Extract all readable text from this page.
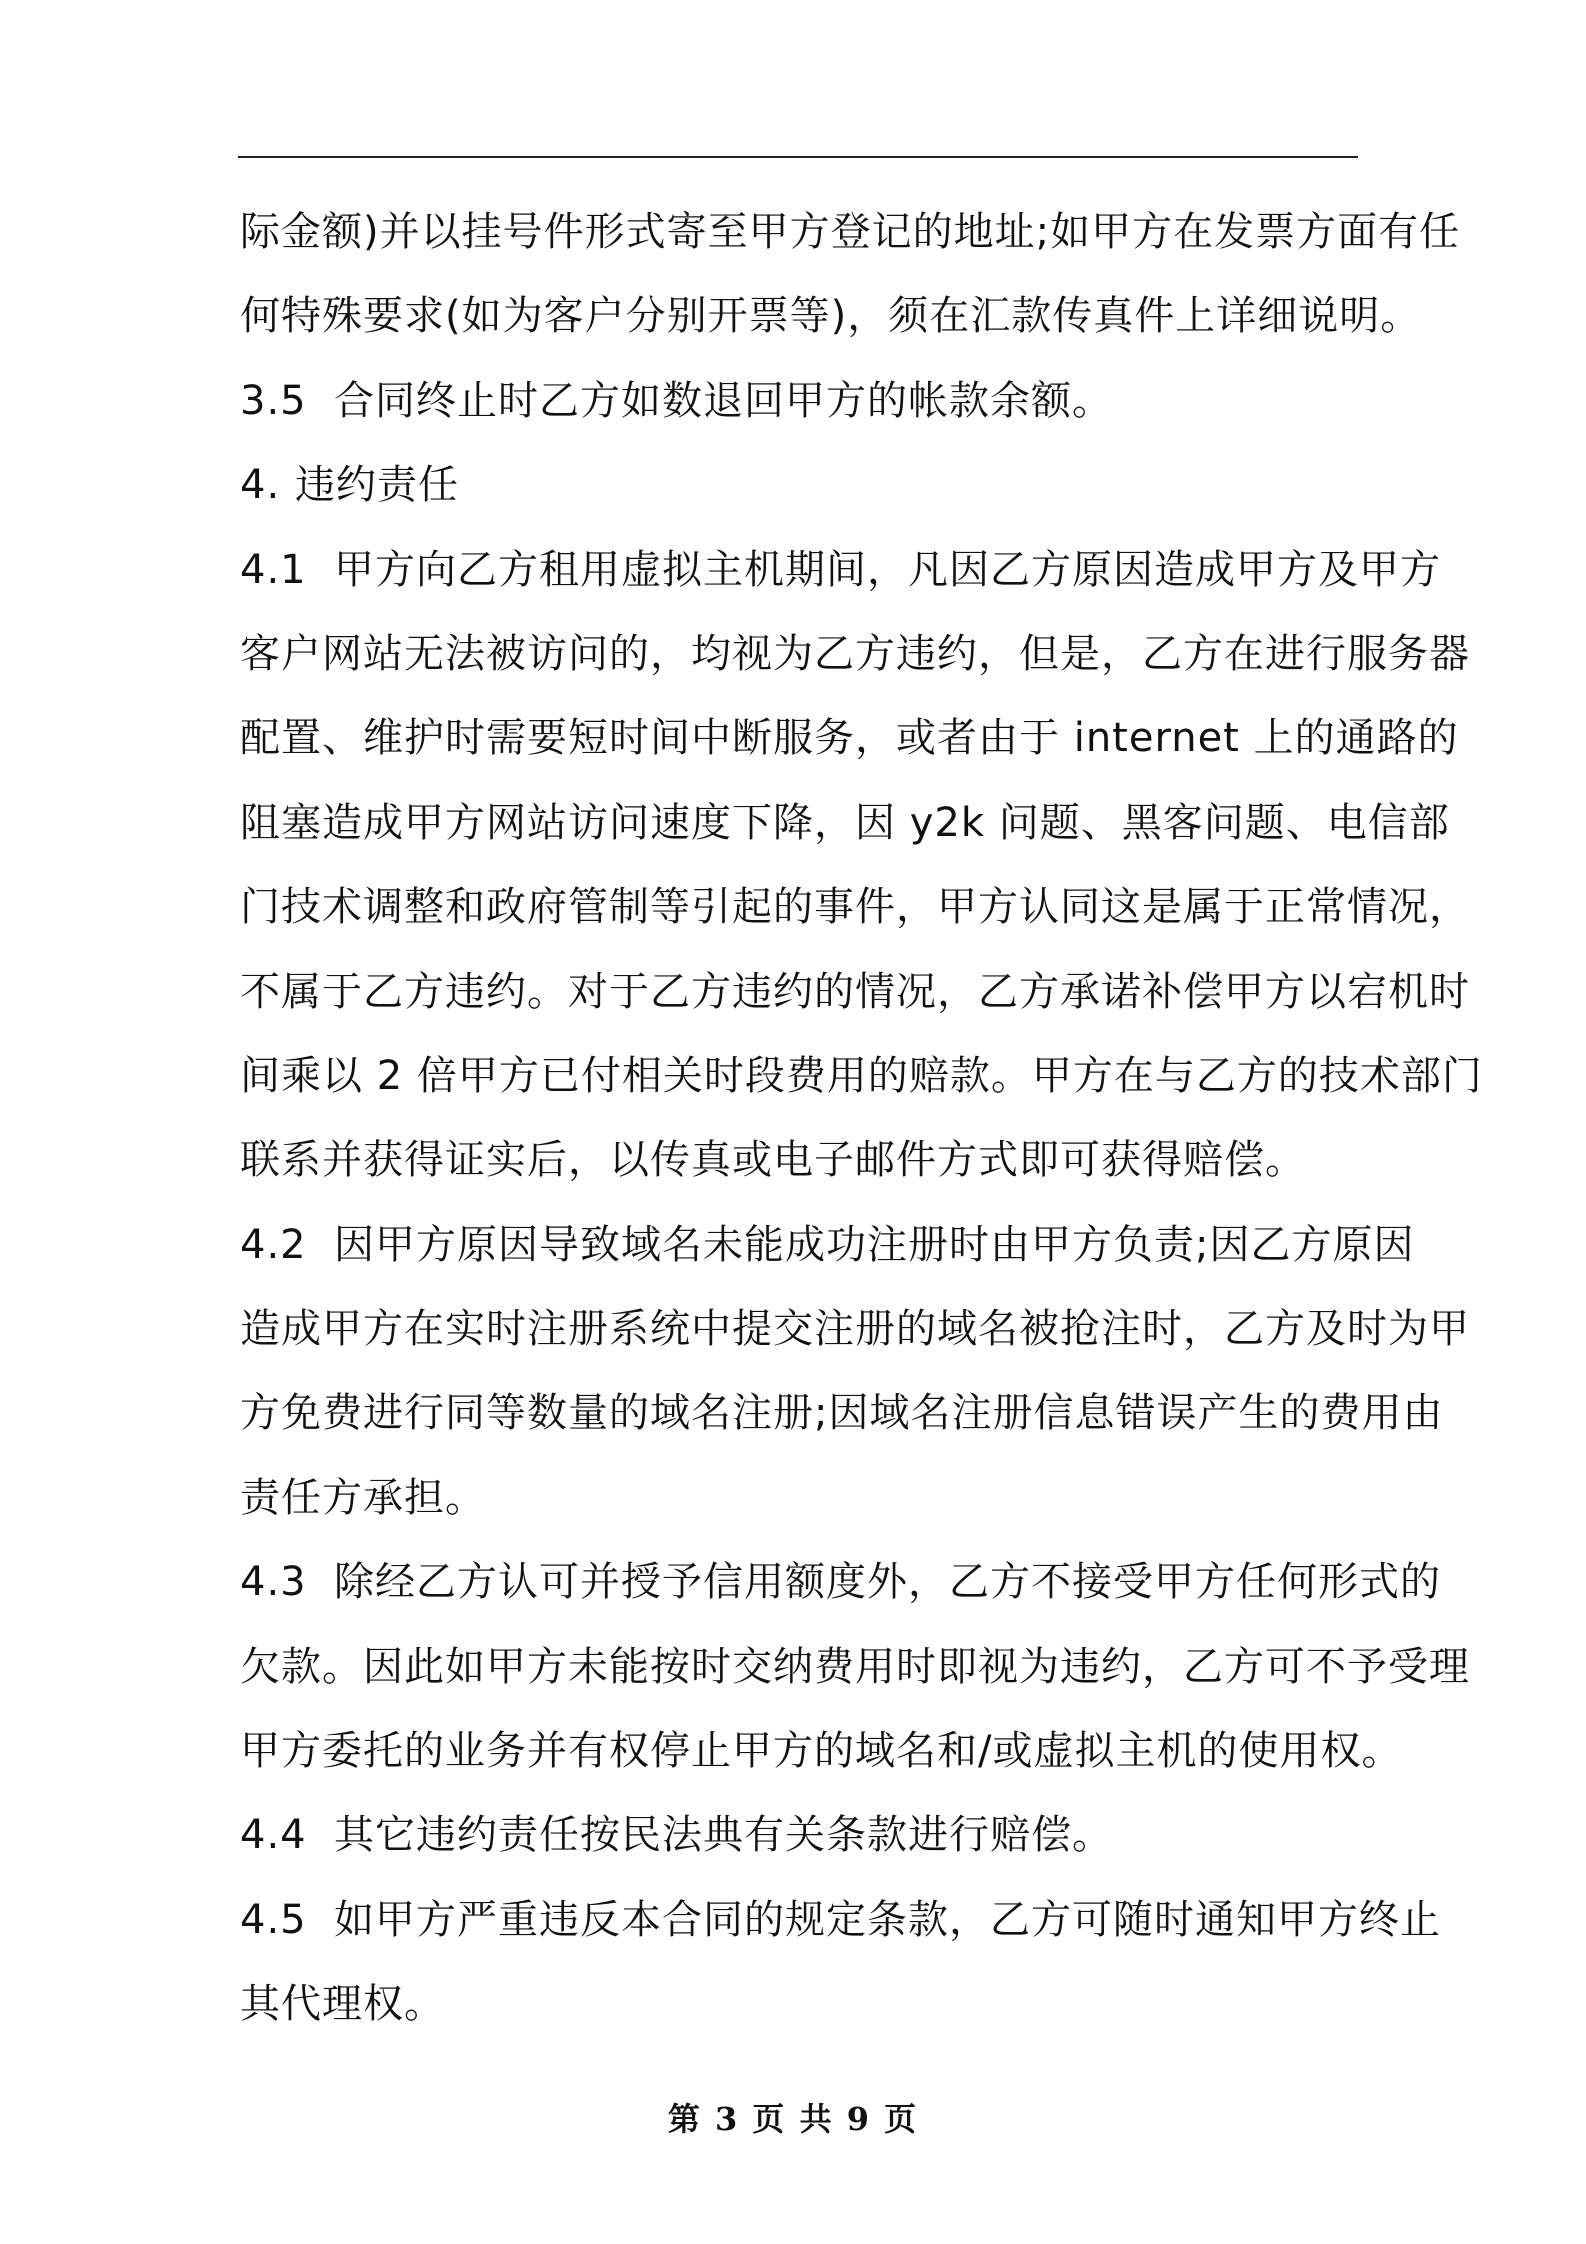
际金额)并以挂号件形式寄至甲方登记的地址;如甲方在发票方面有任
何特殊要求(如为客户分别开票等)，须在汇款传真件上详细说明。
3.5 合同终止时乙方如数退回甲方的帐款余额。
4. 违约责任
4.1 甲方向乙方租用虚拟主机期间，凡因乙方原因造成甲方及甲方
客户网站无法被访问的，均视为乙方违约，但是，乙方在进行服务器
配置、维护时需要短时间中断服务，或者由于 internet 上的通路的
阻塞造成甲方网站访问速度下降，因 y2k 问题、黑客问题、电信部
门技术调整和政府管制等引起的事件，甲方认同这是属于正常情况，
不属于乙方违约。对于乙方违约的情况，乙方承诺补偿甲方以宕机时
间乘以 2 倍甲方已付相关时段费用的赔款。甲方在与乙方的技术部门
联系并获得证实后，以传真或电子邮件方式即可获得赔偿。
4.2 因甲方原因导致域名未能成功注册时由甲方负责;因乙方原因
造成甲方在实时注册系统中提交注册的域名被抢注时，乙方及时为甲
方免费进行同等数量的域名注册;因域名注册信息错误产生的费用由
责任方承担。
4.3 除经乙方认可并授予信用额度外，乙方不接受甲方任何形式的
欠款。因此如甲方未能按时交纳费用时即视为违约，乙方可不予受理
甲方委托的业务并有权停止甲方的域名和/或虚拟主机的使用权。
4.4 其它违约责任按民法典有关条款进行赔偿。
4.5 如甲方严重违反本合同的规定条款，乙方可随时通知甲方终止
其代理权。
第 3 页 共 9 页
